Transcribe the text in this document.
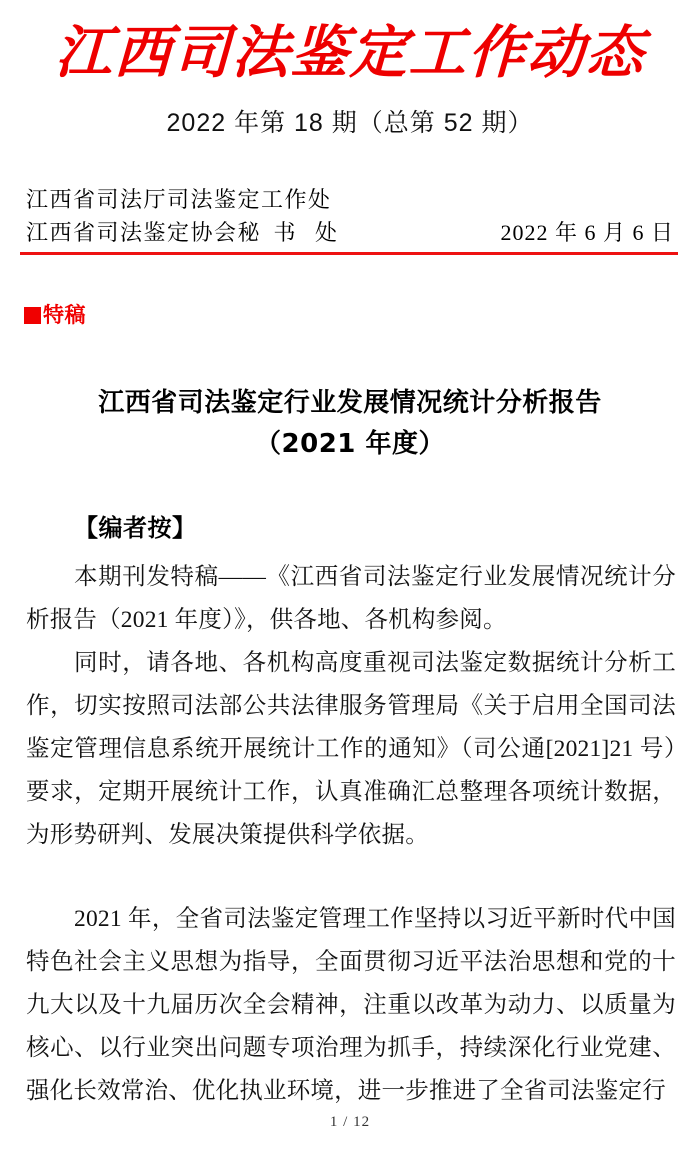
江西司法鉴定工作动态
2022 年第 18 期（总第 52 期）
江西省司法厅司法鉴定工作处
江西省司法鉴定协会秘 书 处	2022 年 6 月 6 日
特稿
江西省司法鉴定行业发展情况统计分析报告
（2021 年度）
【编者按】

本期刊发特稿——《江西省司法鉴定行业发展情况统计分析报告（2021 年度）》，供各地、各机构参阅。

同时，请各地、各机构高度重视司法鉴定数据统计分析工作，切实按照司法部公共法律服务管理局《关于启用全国司法鉴定管理信息系统开展统计工作的通知》（司公通[2021]21 号）要求，定期开展统计工作，认真准确汇总整理各项统计数据，为形势研判、发展决策提供科学依据。

2021 年，全省司法鉴定管理工作坚持以习近平新时代中国特色社会主义思想为指导，全面贯彻习近平法治思想和党的十九大以及十九届历次全会精神，注重以改革为动力、以质量为核心、以行业突出问题专项治理为抓手，持续深化行业党建、强化长效常治、优化执业环境，进一步推进了全省司法鉴定行

1 / 12
